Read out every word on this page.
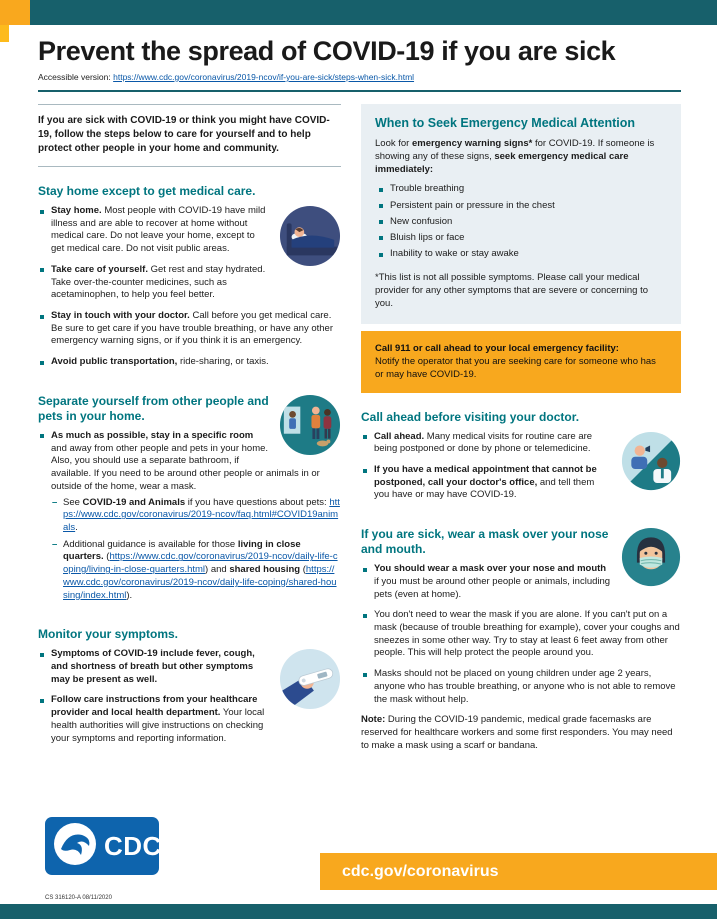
Prevent the spread of COVID-19 if you are sick

Accessible version: https://www.cdc.gov/coronavirus/2019-ncov/if-you-are-sick/steps-when-sick.html

If you are sick with COVID-19 or think you might have COVID-19, follow the steps below to care for yourself and to help protect other people in your home and community.

Stay home except to get medical care.
Stay home. Most people with COVID-19 have mild illness and are able to recover at home without medical care. Do not leave your home, except to get medical care. Do not visit public areas.
Take care of yourself. Get rest and stay hydrated. Take over-the-counter medicines, such as acetaminophen, to help you feel better.
Stay in touch with your doctor. Call before you get medical care. Be sure to get care if you have trouble breathing, or have any other emergency warning signs, or if you think it is an emergency.
Avoid public transportation, ride-sharing, or taxis.
Separate yourself from other people and pets in your home.
As much as possible, stay in a specific room and away from other people and pets in your home. Also, you should use a separate bathroom, if available. If you need to be around other people or animals in or outside of the home, wear a mask.
– See COVID-19 and Animals if you have questions about pets: https://www.cdc.gov/coronavirus/2019-ncov/faq.html#COVID19animals.
– Additional guidance is available for those living in close quarters. (https://www.cdc.gov/coronavirus/2019-ncov/daily-life-coping/living-in-close-quarters.html) and shared housing (https://www.cdc.gov/coronavirus/2019-ncov/daily-life-coping/shared-housing/index.html).
Monitor your symptoms.
Symptoms of COVID-19 include fever, cough, and shortness of breath but other symptoms may be present as well.
Follow care instructions from your healthcare provider and local health department. Your local health authorities will give instructions on checking your symptoms and reporting information.
When to Seek Emergency Medical Attention

Look for emergency warning signs* for COVID-19. If someone is showing any of these signs, seek emergency medical care immediately:

Trouble breathing
Persistent pain or pressure in the chest
New confusion
Bluish lips or face
Inability to wake or stay awake

*This list is not all possible symptoms. Please call your medical provider for any other symptoms that are severe or concerning to you.

Call 911 or call ahead to your local emergency facility:
Notify the operator that you are seeking care for someone who has or may have COVID-19.
Call ahead before visiting your doctor.
Call ahead. Many medical visits for routine care are being postponed or done by phone or telemedicine.
If you have a medical appointment that cannot be postponed, call your doctor's office, and tell them you have or may have COVID-19.
If you are sick, wear a mask over your nose and mouth.
You should wear a mask over your nose and mouth if you must be around other people or animals, including pets (even at home).
You don't need to wear the mask if you are alone. If you can't put on a mask (because of trouble breathing for example), cover your coughs and sneezes in some other way. Try to stay at least 6 feet away from other people. This will help protect the people around you.
Masks should not be placed on young children under age 2 years, anyone who has trouble breathing, or anyone who is not able to remove the mask without help.

Note: During the COVID-19 pandemic, medical grade facemasks are reserved for healthcare workers and some first responders. You may need to make a mask using a scarf or bandana.

CDC
CS 316120-A 08/11/2020
cdc.gov/coronavirus
